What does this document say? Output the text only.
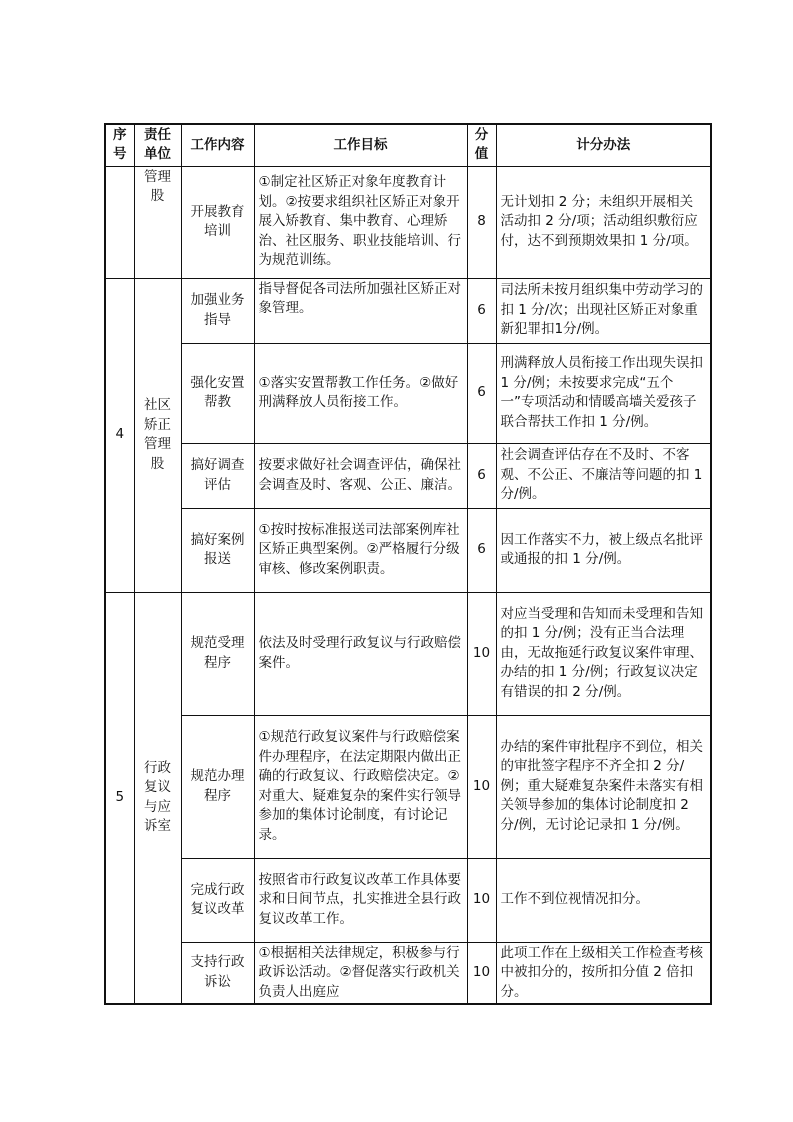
序号	责任单位	工作内容	工作目标	分值	计分办法
	管理股	开展教育培训	①制定社区矫正对象年度教育计划。②按要求组织社区矫正对象开展入矫教育、集中教育、心理矫治、社区服务、职业技能培训、行为规范训练。	8	无计划扣 2 分；未组织开展相关活动扣 2 分/项；活动组织敷衍应付，达不到预期效果扣 1 分/项。
4	社区矫正管理股	加强业务指导	指导督促各司法所加强社区矫正对象管理。	6	司法所未按月组织集中劳动学习的扣 1 分/次；出现社区矫正对象重新犯罪扣1分/例。
		强化安置帮教	①落实安置帮教工作任务。②做好刑满释放人员衔接工作。	6	刑满释放人员衔接工作出现失误扣 1 分/例；未按要求完成“五个一”专项活动和情暖高墙关爱孩子联合帮扶工作扣 1 分/例。
		搞好调查评估	按要求做好社会调查评估，确保社会调查及时、客观、公正、廉洁。	6	社会调查评估存在不及时、不客观、不公正、不廉洁等问题的扣 1 分/例。
		搞好案例报送	①按时按标准报送司法部案例库社区矫正典型案例。②严格履行分级审核、修改案例职责。	6	因工作落实不力，被上级点名批评或通报的扣 1 分/例。
5	行政复议与应诉室	规范受理程序	依法及时受理行政复议与行政赔偿案件。	10	对应当受理和告知而未受理和告知的扣 1 分/例；没有正当合法理由，无故拖延行政复议案件审理、办结的扣 1 分/例；行政复议决定有错误的扣 2 分/例。
		规范办理程序	①规范行政复议案件与行政赔偿案件办理程序，在法定期限内做出正确的行政复议、行政赔偿决定。②对重大、疑难复杂的案件实行领导参加的集体讨论制度，有讨论记录。	10	办结的案件审批程序不到位，相关的审批签字程序不齐全扣 2 分/例；重大疑难复杂案件未落实有相关领导参加的集体讨论制度扣 2 分/例，无讨论记录扣 1 分/例。
		完成行政复议改革	按照省市行政复议改革工作具体要求和日间节点，扎实推进全县行政复议改革工作。	10	工作不到位视情况扣分。
		支持行政诉讼	①根据相关法律规定，积极参与行政诉讼活动。②督促落实行政机关负责人出庭应	10	此项工作在上级相关工作检查考核中被扣分的，按所扣分值 2 倍扣分。
